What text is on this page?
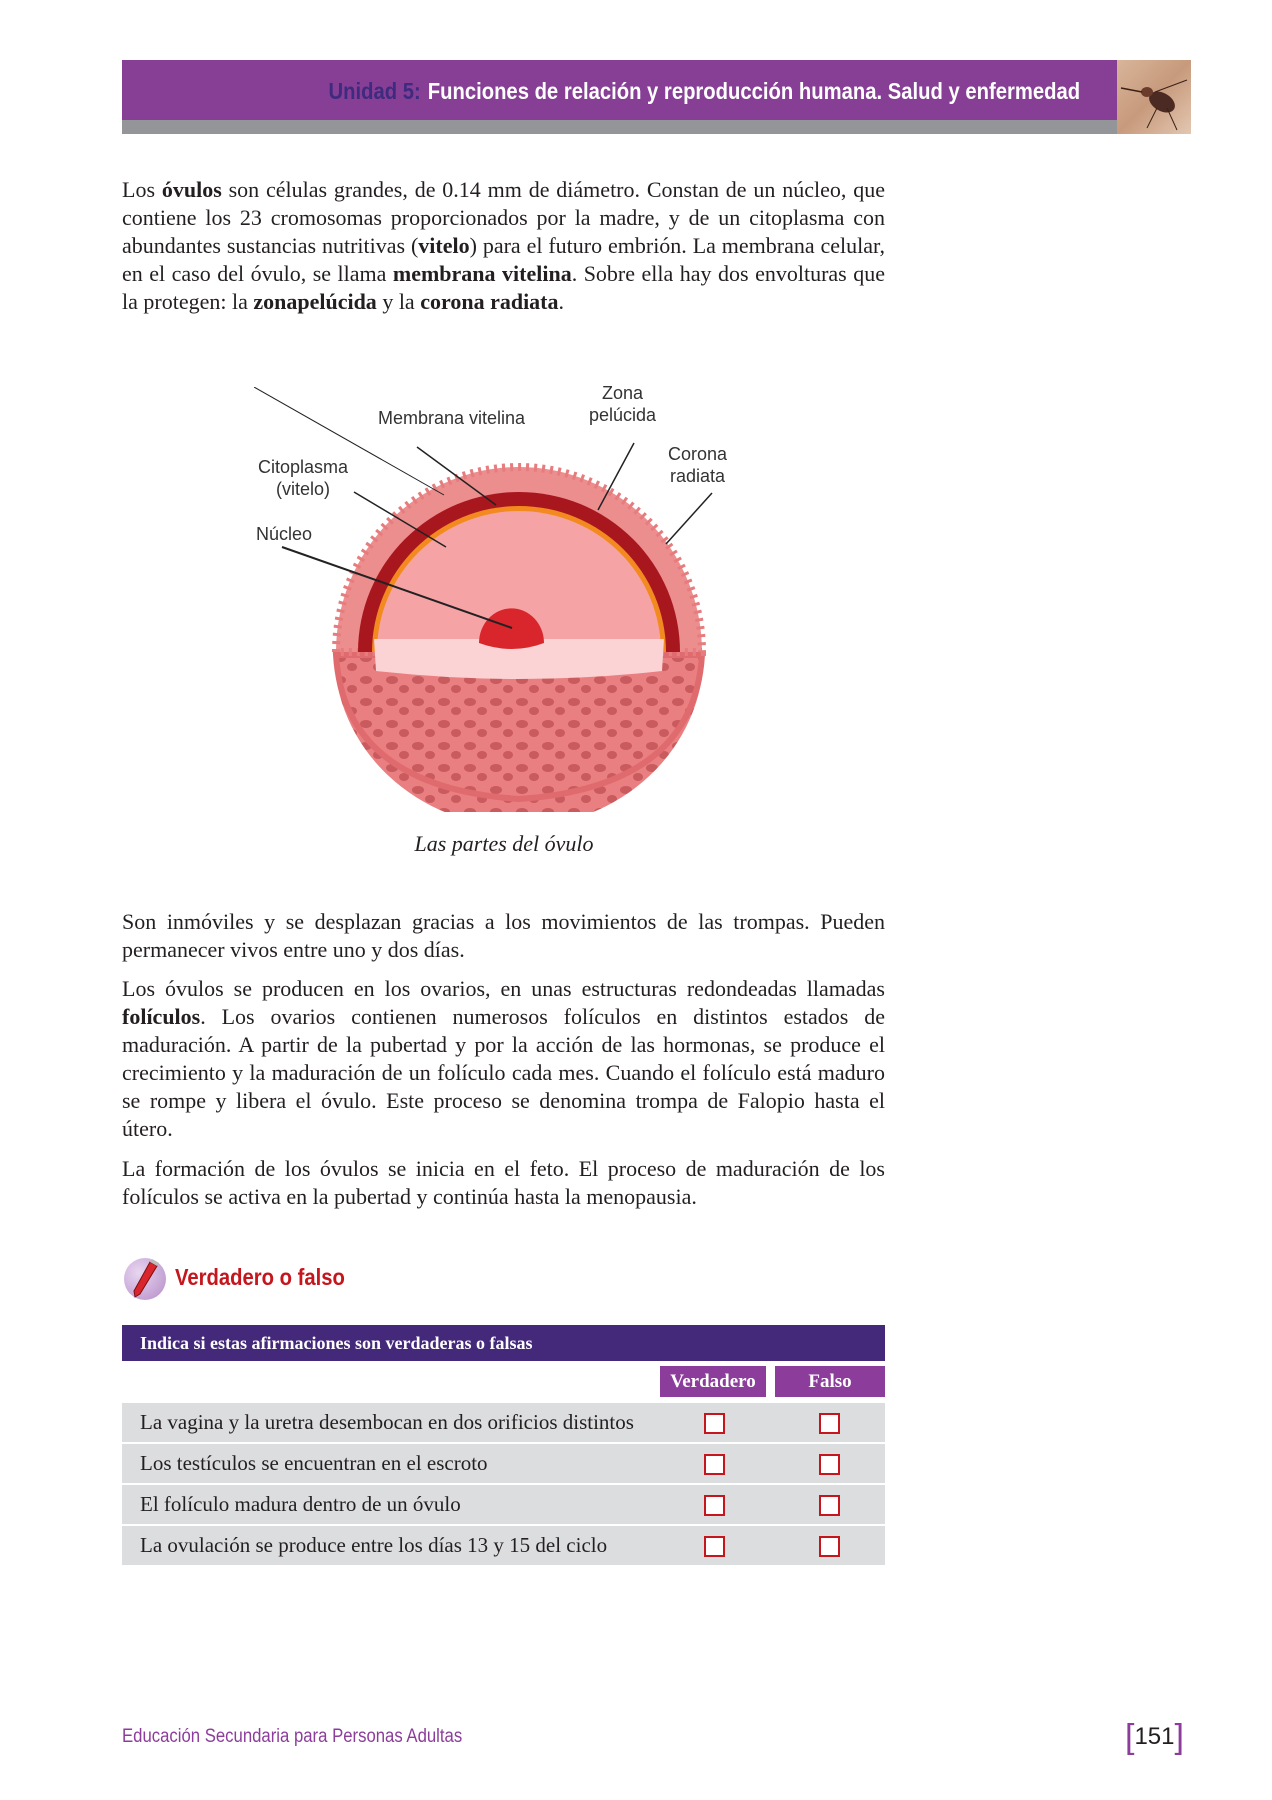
Unidad 5: Funciones de relación y reproducción humana. Salud y enfermedad

Los óvulos son células grandes, de 0.14 mm de diámetro. Constan de un núcleo, que contiene los 23 cromosomas proporcionados por la madre, y de un citoplasma con abundantes sustancias nutritivas (vitelo) para el futuro embrión. La membrana celular, en el caso del óvulo, se llama membrana vitelina. Sobre ella hay dos envolturas que la protegen: la zonapelúcida y la corona radiata.

Membrana vitelina
Zona
pelúcida
Corona
radiata
Citoplasma
(vitelo)
Núcleo
Las partes del óvulo

Son inmóviles y se desplazan gracias a los movimientos de las trompas. Pueden permanecer vivos entre uno y dos días.

Los óvulos se producen en los ovarios, en unas estructuras redondeadas llamadas folículos. Los ovarios contienen numerosos folículos en distintos estados de maduración. A partir de la pubertad y por la acción de las hormonas, se produce el crecimiento y la maduración de un folículo cada mes. Cuando el folículo está maduro se rompe y libera el óvulo. Este proceso se denomina trompa de Falopio hasta el útero.

La formación de los óvulos se inicia en el feto. El proceso de maduración de los folículos se activa en la pubertad y continúa hasta la menopausia.

Verdadero o falso
Indica si estas afirmaciones son verdaderas o falsas
Verdadero	Falso
La vagina y la uretra desembocan en dos orificios distintos
Los testículos se encuentran en el escroto
El folículo madura dentro de un óvulo
La ovulación se produce entre los días 13 y 15 del ciclo
Educación Secundaria para Personas Adultas	[151]
